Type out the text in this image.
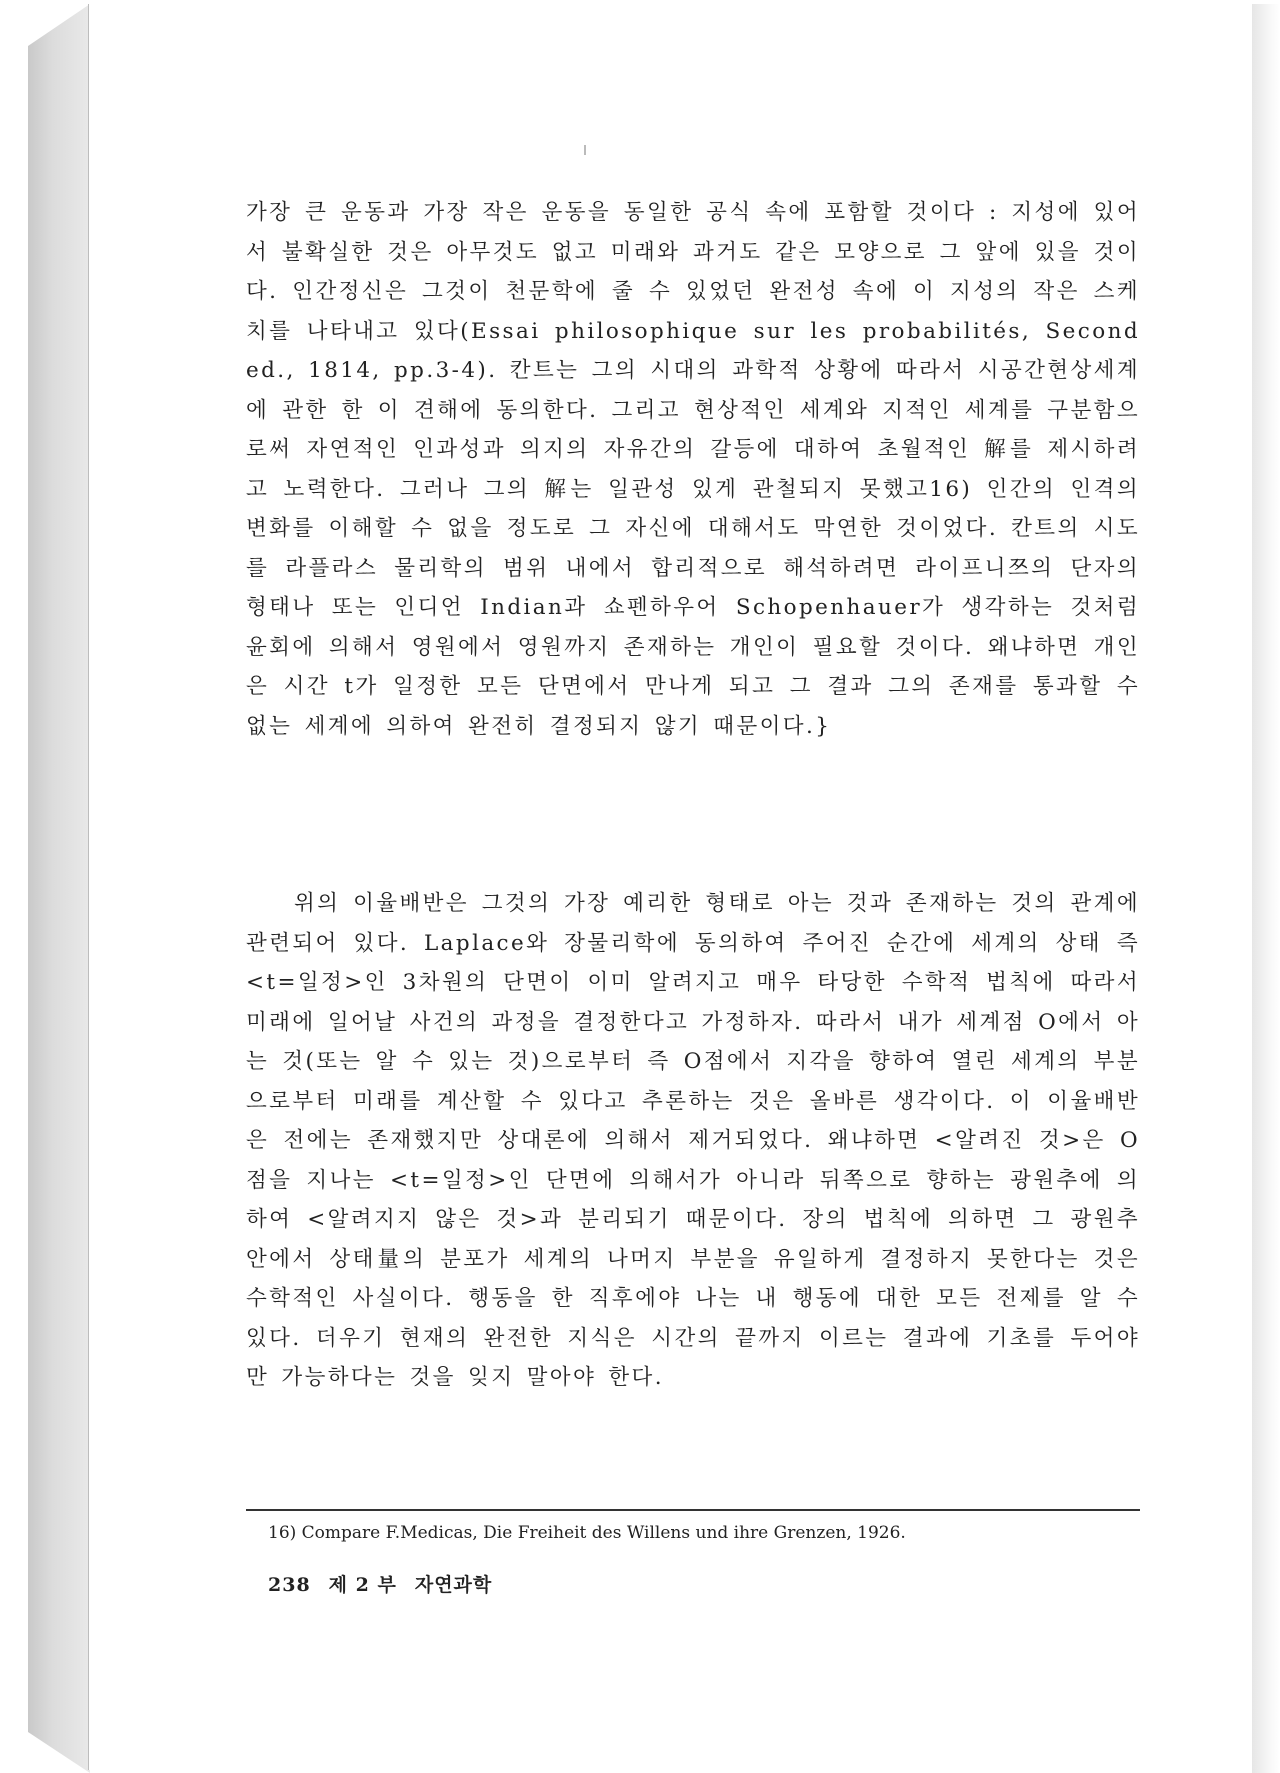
가장 큰 운동과 가장 작은 운동을 동일한 공식 속에 포함할 것이다 : 지성에 있어서 불확실한 것은 아무것도 없고 미래와 과거도 같은 모양으로 그 앞에 있을 것이다. 인간정신은 그것이 천문학에 줄 수 있었던 완전성 속에 이 지성의 작은 스케치를 나타내고 있다(Essai philosophique sur les probabilités, Second ed., 1814, pp.3-4). 칸트는 그의 시대의 과학적 상황에 따라서 시공간현상세계에 관한 한 이 견해에 동의한다. 그리고 현상적인 세계와 지적인 세계를 구분함으로써 자연적인 인과성과 의지의 자유간의 갈등에 대하여 초월적인 解를 제시하려고 노력한다. 그러나 그의 解는 일관성 있게 관철되지 못했고16) 인간의 인격의 변화를 이해할 수 없을 정도로 그 자신에 대해서도 막연한 것이었다. 칸트의 시도를 라플라스 물리학의 범위 내에서 합리적으로 해석하려면 라이프니쯔의 단자의 형태나 또는 인디언 Indian과 쇼펜하우어 Schopenhauer가 생각하는 것처럼 윤회에 의해서 영원에서 영원까지 존재하는 개인이 필요할 것이다. 왜냐하면 개인은 시간 t가 일정한 모든 단면에서 만나게 되고 그 결과 그의 존재를 통과할 수 없는 세계에 의하여 완전히 결정되지 않기 때문이다.}

위의 이율배반은 그것의 가장 예리한 형태로 아는 것과 존재하는 것의 관계에 관련되어 있다. Laplace와 장물리학에 동의하여 주어진 순간에 세계의 상태 즉 <t=일정>인 3차원의 단면이 이미 알려지고 매우 타당한 수학적 법칙에 따라서 미래에 일어날 사건의 과정을 결정한다고 가정하자. 따라서 내가 세계점 O에서 아는 것(또는 알 수 있는 것)으로부터 즉 O점에서 지각을 향하여 열린 세계의 부분으로부터 미래를 계산할 수 있다고 추론하는 것은 올바른 생각이다. 이 이율배반은 전에는 존재했지만 상대론에 의해서 제거되었다. 왜냐하면 <알려진 것>은 O점을 지나는 <t=일정>인 단면에 의해서가 아니라 뒤쪽으로 향하는 광원추에 의하여 <알려지지 않은 것>과 분리되기 때문이다. 장의 법칙에 의하면 그 광원추 안에서 상태量의 분포가 세계의 나머지 부분을 유일하게 결정하지 못한다는 것은 수학적인 사실이다. 행동을 한 직후에야 나는 내 행동에 대한 모든 전제를 알 수 있다. 더우기 현재의 완전한 지식은 시간의 끝까지 이르는 결과에 기초를 두어야만 가능하다는 것을 잊지 말아야 한다.

16) Compare F.Medicas, Die Freiheit des Willens und ihre Grenzen, 1926.
238 제 2 부 자연과학
